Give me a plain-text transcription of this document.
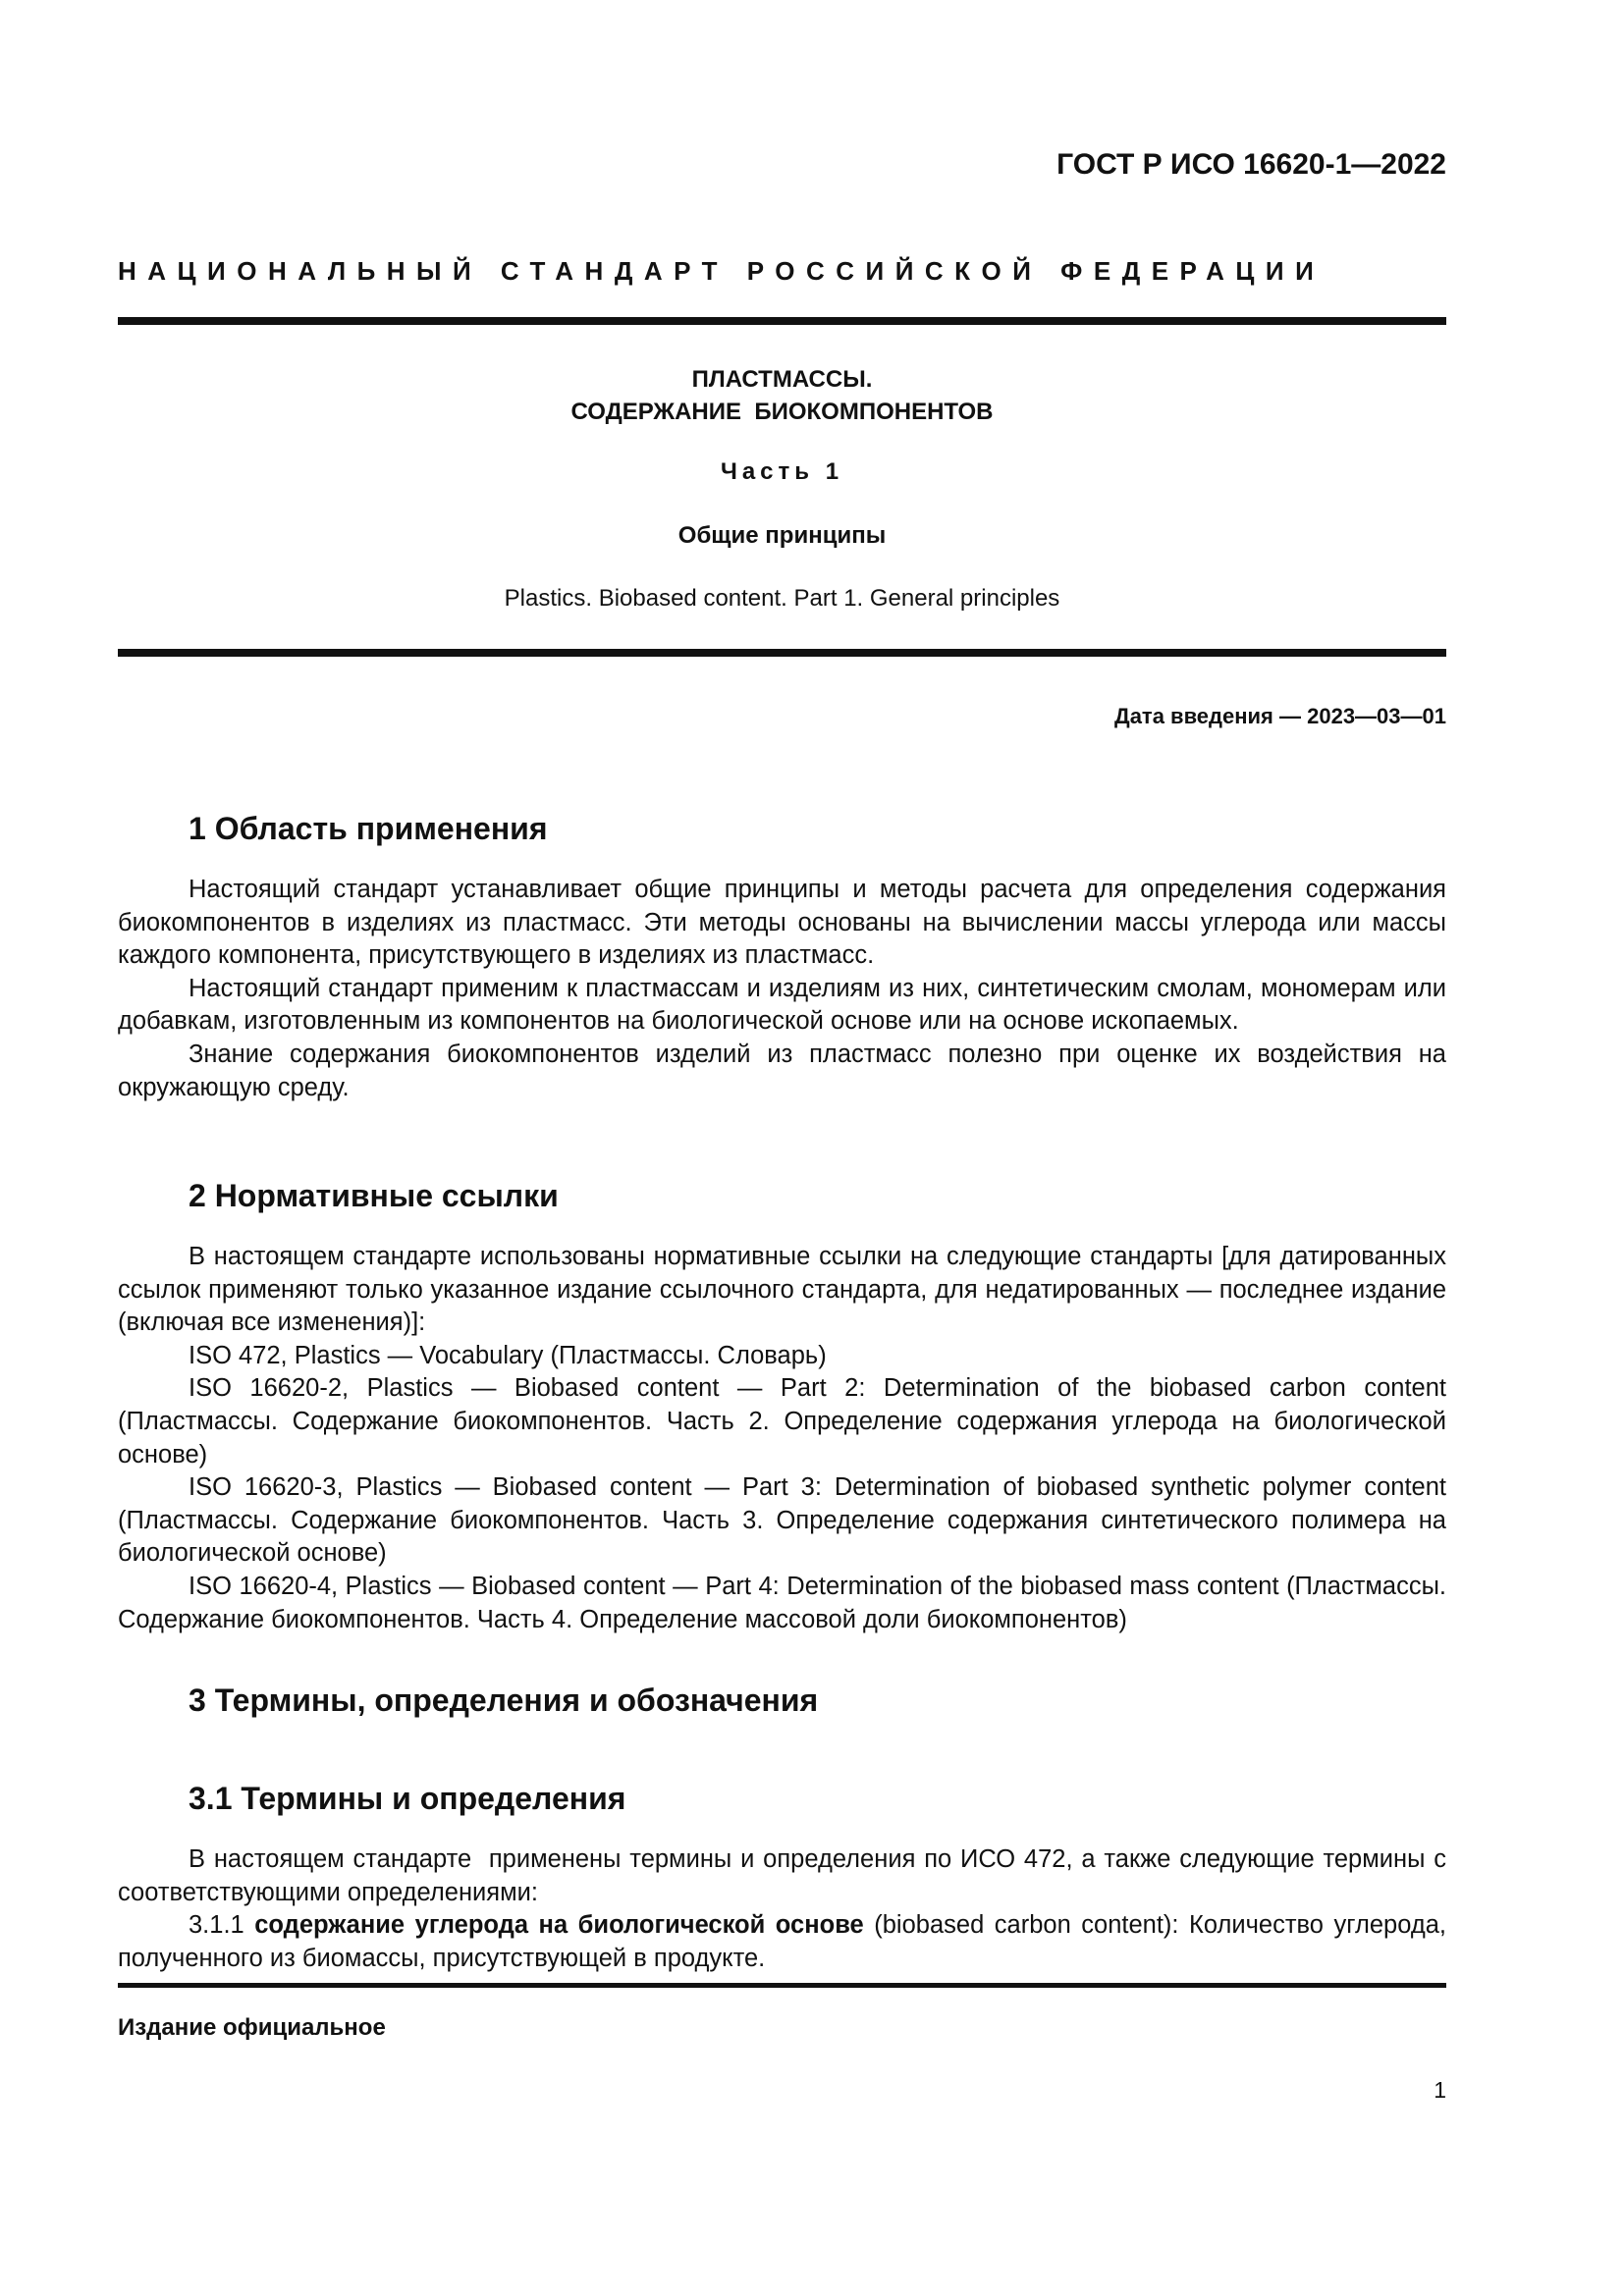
ГОСТ Р ИСО 16620-1—2022
НАЦИОНАЛЬНЫЙ СТАНДАРТ РОССИЙСКОЙ ФЕДЕРАЦИИ
ПЛАСТМАССЫ.
СОДЕРЖАНИЕ  БИОКОМПОНЕНТОВ
Часть 1
Общие принципы
Plastics. Biobased content. Part 1. General principles
Дата введения — 2023—03—01
1 Область применения

Настоящий стандарт устанавливает общие принципы и методы расчета для определения содержания биокомпонентов в изделиях из пластмасс. Эти методы основаны на вычислении массы углерода или массы каждого компонента, присутствующего в изделиях из пластмасс.

Настоящий стандарт применим к пластмассам и изделиям из них, синтетическим смолам, мономерам или добавкам, изготовленным из компонентов на биологической основе или на основе ископаемых.

Знание содержания биокомпонентов изделий из пластмасс полезно при оценке их воздействия на окружающую среду.

2 Нормативные ссылки

В настоящем стандарте использованы нормативные ссылки на следующие стандарты [для датированных ссылок применяют только указанное издание ссылочного стандарта, для недатированных — последнее издание (включая все изменения)]:

ISO 472, Plastics — Vocabulary (Пластмассы. Словарь)

ISO 16620-2, Plastics — Biobased content — Part 2: Determination of the biobased carbon content (Пластмассы. Содержание биокомпонентов. Часть 2. Определение содержания углерода на биологической основе)

ISO 16620-3, Plastics — Biobased content — Part 3: Determination of biobased synthetic polymer content (Пластмассы. Содержание биокомпонентов. Часть 3. Определение содержания синтетического полимера на биологической основе)

ISO 16620-4, Plastics — Biobased content — Part 4: Determination of the biobased mass content (Пластмассы. Содержание биокомпонентов. Часть 4. Определение массовой доли биокомпонентов)

3 Термины, определения и обозначения
3.1 Термины и определения

В настоящем стандарте  применены термины и определения по ИСО 472, а также следующие термины с соответствующими определениями:

3.1.1 содержание углерода на биологической основе (biobased carbon content): Количество углерода, полученного из биомассы, присутствующей в продукте.

Издание официальное
1
